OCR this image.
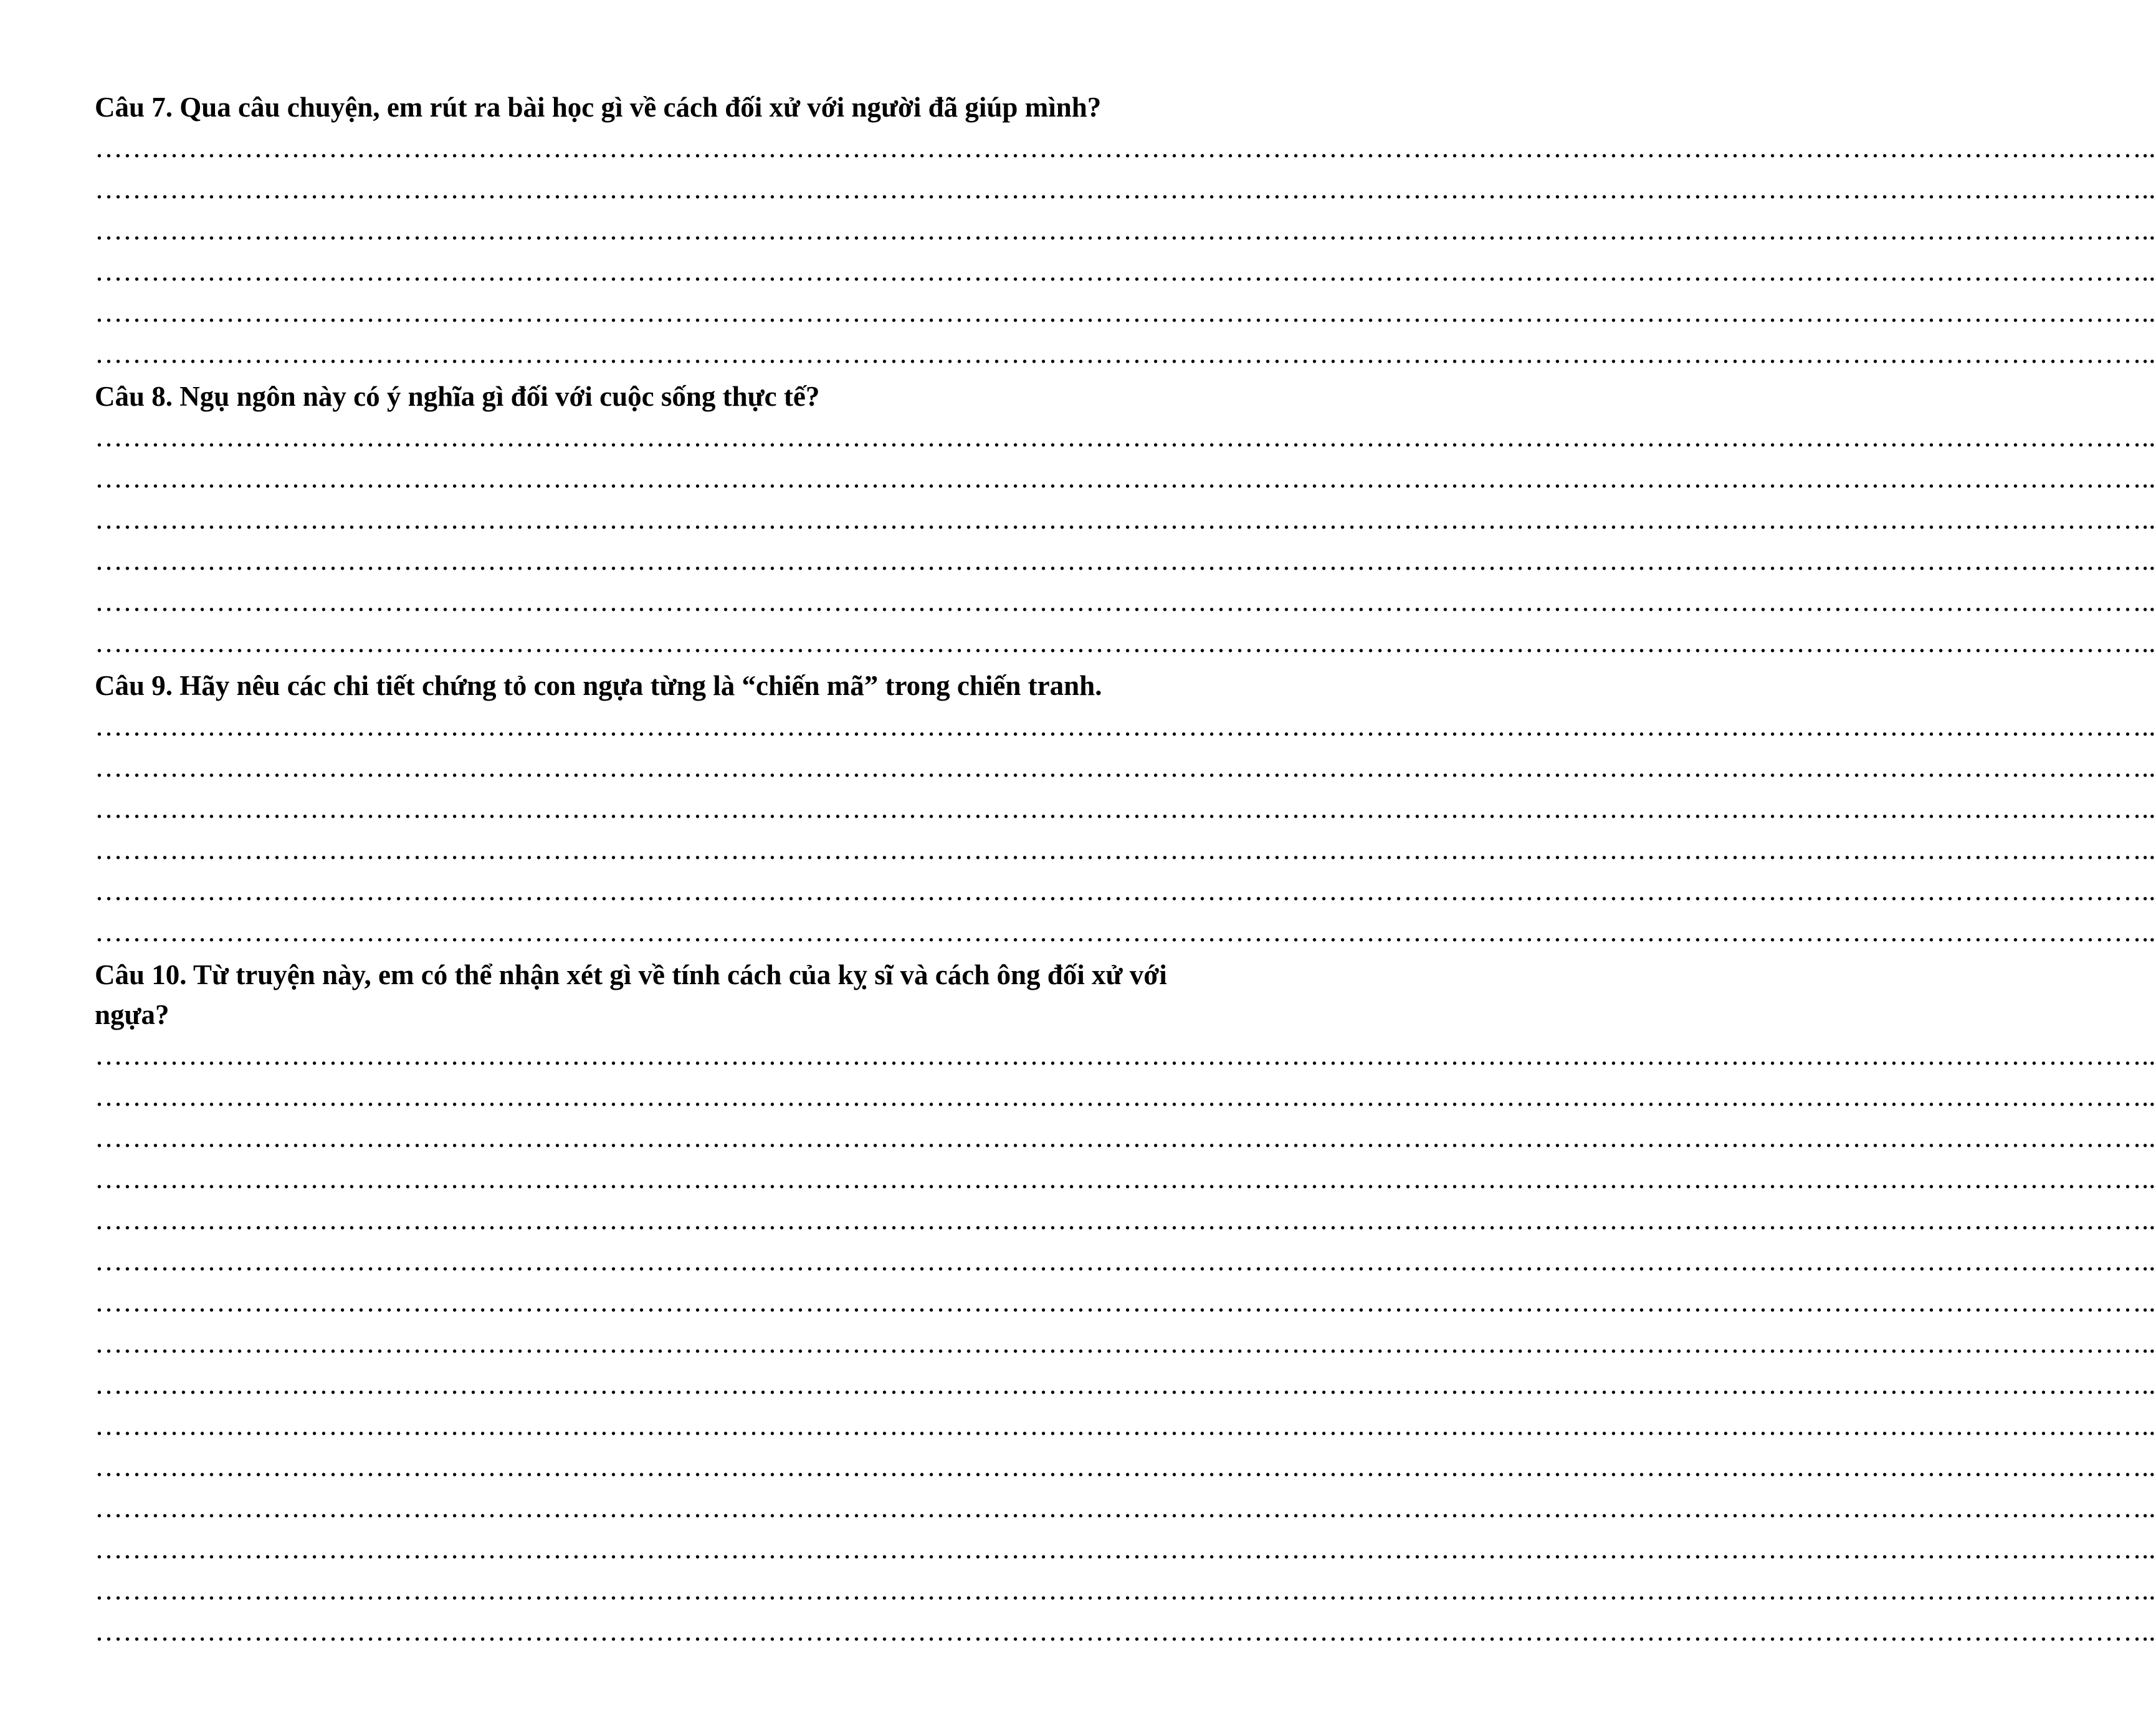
Câu 7. Qua câu chuyện, em rút ra bài học gì về cách đối xử với người đã giúp mình?

…………………………………………………………………………………………………………………………………………………………………………………………………..
…………………………………………………………………………………………………………………………………………………………………………………………………..
…………………………………………………………………………………………………………………………………………………………………………………………………..
…………………………………………………………………………………………………………………………………………………………………………………………………..
…………………………………………………………………………………………………………………………………………………………………………………………………..
…………………………………………………………………………………………………………………………………………………………………………………………………..

Câu 8. Ngụ ngôn này có ý nghĩa gì đối với cuộc sống thực tế?

…………………………………………………………………………………………………………………………………………………………………………………………………..
…………………………………………………………………………………………………………………………………………………………………………………………………..
…………………………………………………………………………………………………………………………………………………………………………………………………..
…………………………………………………………………………………………………………………………………………………………………………………………………..
…………………………………………………………………………………………………………………………………………………………………………………………………..
…………………………………………………………………………………………………………………………………………………………………………………………………..

Câu 9. Hãy nêu các chi tiết chứng tỏ con ngựa từng là “chiến mã” trong chiến tranh.

…………………………………………………………………………………………………………………………………………………………………………………………………..
…………………………………………………………………………………………………………………………………………………………………………………………………..
…………………………………………………………………………………………………………………………………………………………………………………………………..
…………………………………………………………………………………………………………………………………………………………………………………………………..
…………………………………………………………………………………………………………………………………………………………………………………………………..
…………………………………………………………………………………………………………………………………………………………………………………………………..

Câu 10. Từ truyện này, em có thể nhận xét gì về tính cách của kỵ sĩ và cách ông đối xử với ngựa?

…………………………………………………………………………………………………………………………………………………………………………………………………..
…………………………………………………………………………………………………………………………………………………………………………………………………..
…………………………………………………………………………………………………………………………………………………………………………………………………..
…………………………………………………………………………………………………………………………………………………………………………………………………..
…………………………………………………………………………………………………………………………………………………………………………………………………..
…………………………………………………………………………………………………………………………………………………………………………………………………..
…………………………………………………………………………………………………………………………………………………………………………………………………..
…………………………………………………………………………………………………………………………………………………………………………………………………..
…………………………………………………………………………………………………………………………………………………………………………………………………..
…………………………………………………………………………………………………………………………………………………………………………………………………..
…………………………………………………………………………………………………………………………………………………………………………………………………..
…………………………………………………………………………………………………………………………………………………………………………………………………..
…………………………………………………………………………………………………………………………………………………………………………………………………..
…………………………………………………………………………………………………………………………………………………………………………………………………..
…………………………………………………………………………………………………………………………………………………………………………………………………..
